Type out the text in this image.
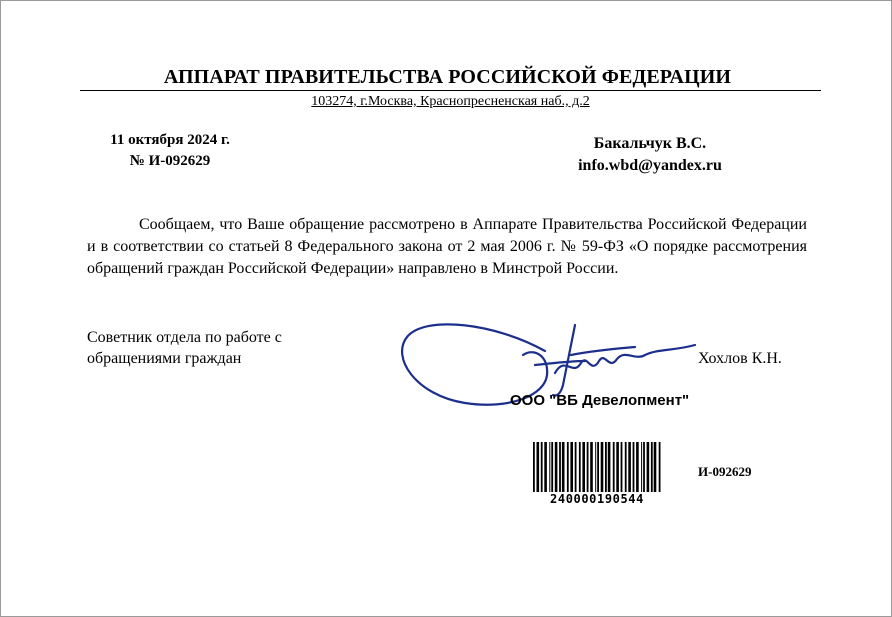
АППАРАТ ПРАВИТЕЛЬСТВА РОССИЙСКОЙ ФЕДЕРАЦИИ
103274, г.Москва, Краснопресненская наб., д.2
11 октября 2024 г.
№ И-092629
Бакальчук В.С.
info.wbd@yandex.ru

Сообщаем, что Ваше обращение рассмотрено в Аппарате Правительства Российской Федерации и в соответствии со статьей 8 Федерального закона от 2 мая 2006 г. № 59-ФЗ «О порядке рассмотрения обращений граждан Российской Федерации» направлено в Минстрой России.

Советник отдела по работе с обращениями граждан	Хохлов К.Н.
ООО "ВБ Девелопмент"
240000190544
И-092629
